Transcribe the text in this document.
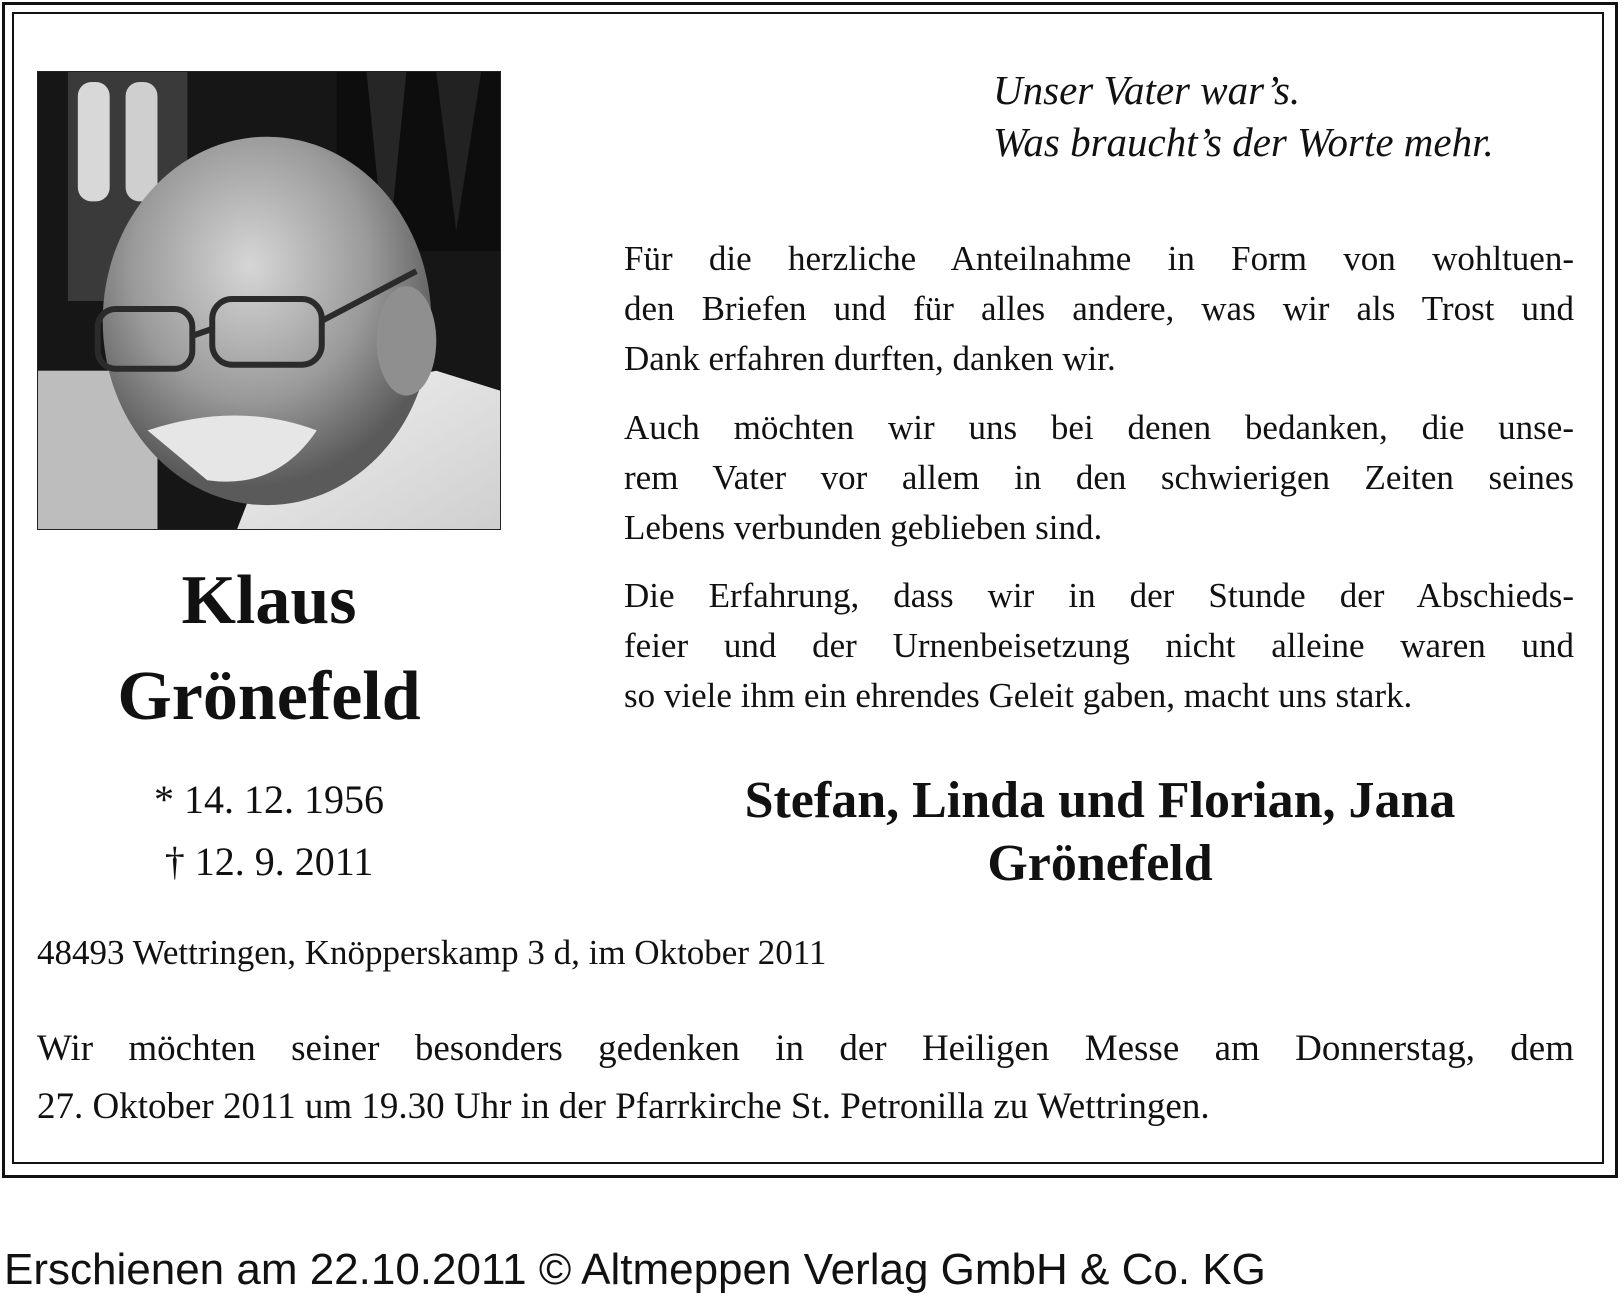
Klaus
Grönefeld
* 14. 12. 1956
† 12. 9. 2011
Unser Vater war’s.
Was braucht’s der Worte mehr.
Für die herzliche Anteilnahme in Form von wohltuen-
den Briefen und für alles andere, was wir als Trost und
Dank erfahren durften, danken wir.
Auch möchten wir uns bei denen bedanken, die unse-
rem Vater vor allem in den schwierigen Zeiten seines
Lebens verbunden geblieben sind.
Die Erfahrung, dass wir in der Stunde der Abschieds-
feier und der Urnenbeisetzung nicht alleine waren und
so viele ihm ein ehrendes Geleit gaben, macht uns stark.
Stefan, Linda und Florian, Jana
Grönefeld
48493 Wettringen, Knöpperskamp 3 d, im Oktober 2011
Wir möchten seiner besonders gedenken in der Heiligen Messe am Donnerstag, dem
27. Oktober 2011 um 19.30 Uhr in der Pfarrkirche St. Petronilla zu Wettringen.
Erschienen am 22.10.2011 © Altmeppen Verlag GmbH & Co. KG
